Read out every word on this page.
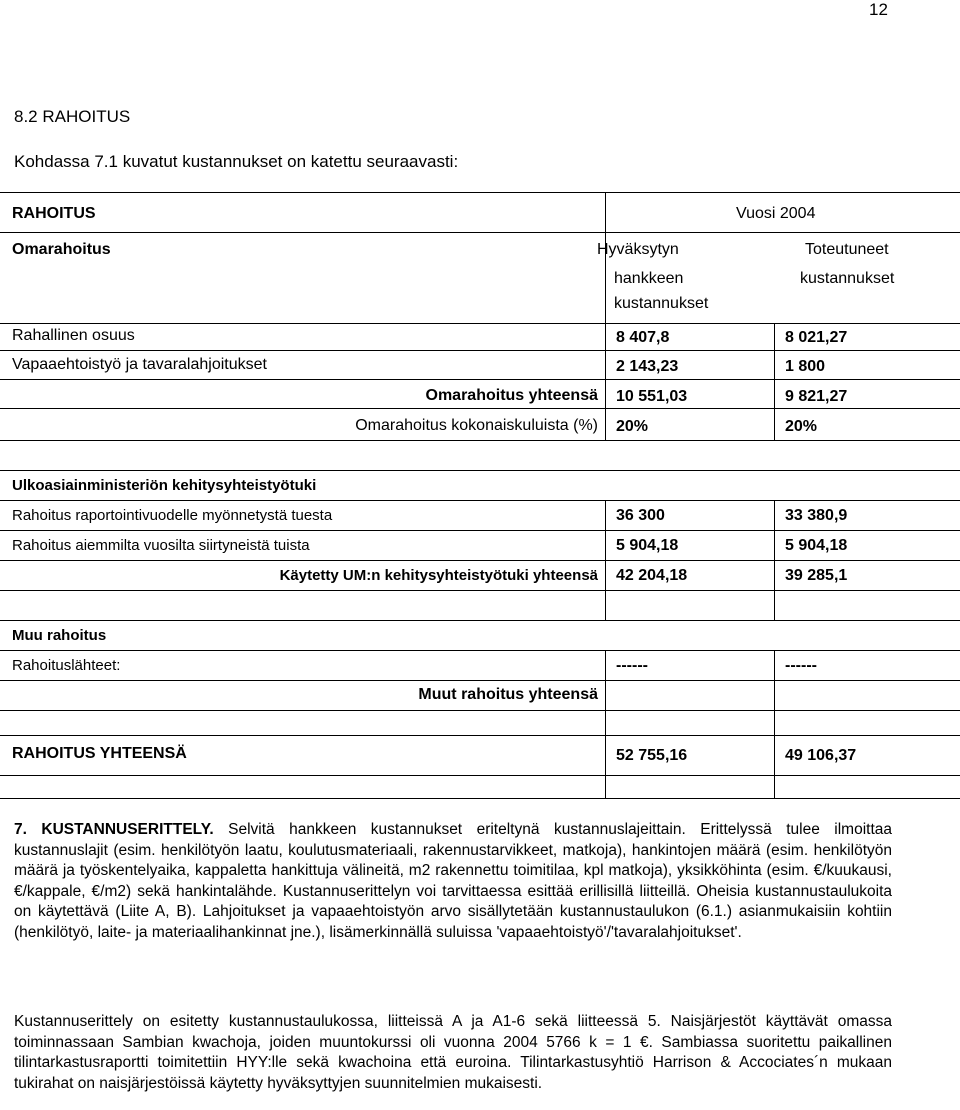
12
8.2 RAHOITUS
Kohdassa 7.1 kuvatut kustannukset on katettu seuraavasti:
RAHOITUS	Vuosi 2004
Omarahoitus	Hyväksytyn
hankkeen
kustannukset
Toteutuneet
kustannukset
Rahallinen osuus	8 407,8	8 021,27
Vapaaehtoistyö ja tavaralahjoitukset	2 143,23	1 800
Omarahoitus yhteensä 10 551,03	9 821,27
Omarahoitus kokonaiskuluista (%) 20%	20%
Ulkoasiainministeriön kehitysyhteistyötuki
Rahoitus raportointivuodelle myönnetystä tuesta	36 300	33 380,9
Rahoitus aiemmilta vuosilta siirtyneistä tuista	5 904,18	5 904,18
Käytetty UM:n kehitysyhteistyötuki yhteensä 42 204,18	39 285,1
Muu rahoitus
Rahoituslähteet:	------	------
Muut rahoitus yhteensä
RAHOITUS YHTEENSÄ	52 755,16	49 106,37
7. KUSTANNUSERITTELY. Selvitä hankkeen kustannukset eriteltynä kustannuslajeittain. Erittelyssä tulee ilmoittaa kustannuslajit (esim. henkilötyön laatu, koulutusmateriaali, rakennustarvikkeet, matkoja), hankintojen määrä (esim. henkilötyön määrä ja työskentelyaika, kappaletta hankittuja välineitä, m2 rakennettu toimitilaa, kpl matkoja), yksikköhinta (esim. €/kuukausi, €/kappale, €/m2) sekä hankintalähde. Kustannuserittelyn voi tarvittaessa esittää erillisillä liitteillä. Oheisia kustannustaulukoita on käytettävä (Liite A, B). Lahjoitukset ja vapaaehtoistyön arvo sisällytetään kustannustaulukon (6.1.) asianmukaisiin kohtiin (henkilötyö, laite- ja materiaalihankinnat jne.), lisämerkinnällä suluissa 'vapaaehtoistyö'/'tavaralahjoitukset'.
Kustannuserittely on esitetty kustannustaulukossa, liitteissä A ja A1-6 sekä liitteessä 5. Naisjärjestöt käyttävät omassa toiminnassaan Sambian kwachoja, joiden muuntokurssi oli vuonna 2004 5766 k = 1 €. Sambiassa suoritettu paikallinen tilintarkastusraportti toimitettiin HYY:lle sekä kwachoina että euroina. Tilintarkastusyhtiö Harrison & Accociates´n mukaan tukirahat on naisjärjestöissä käytetty hyväksyttyjen suunnitelmien mukaisesti.
